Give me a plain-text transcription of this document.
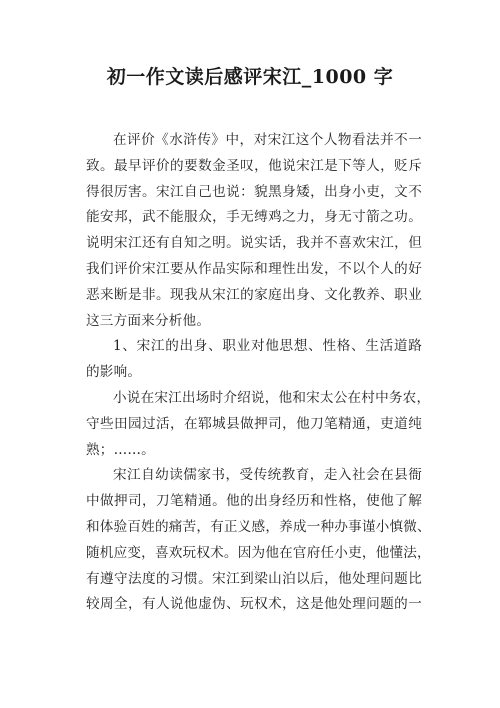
初一作文读后感评宋江_1000 字
在评价《水浒传》中，对宋江这个人物看法并不一
致。最早评价的要数金圣叹，他说宋江是下等人，贬斥
得很厉害。宋江自己也说：貌黑身矮，出身小吏，文不
能安邦，武不能服众，手无缚鸡之力，身无寸箭之功。
说明宋江还有自知之明。说实话，我并不喜欢宋江，但
我们评价宋江要从作品实际和理性出发，不以个人的好
恶来断是非。现我从宋江的家庭出身、文化教养、职业
这三方面来分析他。
1、宋江的出身、职业对他思想、性格、生活道路
的影响。
小说在宋江出场时介绍说，他和宋太公在村中务农，
守些田园过活，在郓城县做押司，他刀笔精通，吏道纯
熟；……。
宋江自幼读儒家书，受传统教育，走入社会在县衙
中做押司，刀笔精通。他的出身经历和性格，使他了解
和体验百姓的痛苦，有正义感，养成一种办事谨小慎微、
随机应变，喜欢玩权术。因为他在官府任小吏，他懂法，
有遵守法度的习惯。宋江到梁山泊以后，他处理问题比
较周全，有人说他虚伪、玩权术，这是他处理问题的一
